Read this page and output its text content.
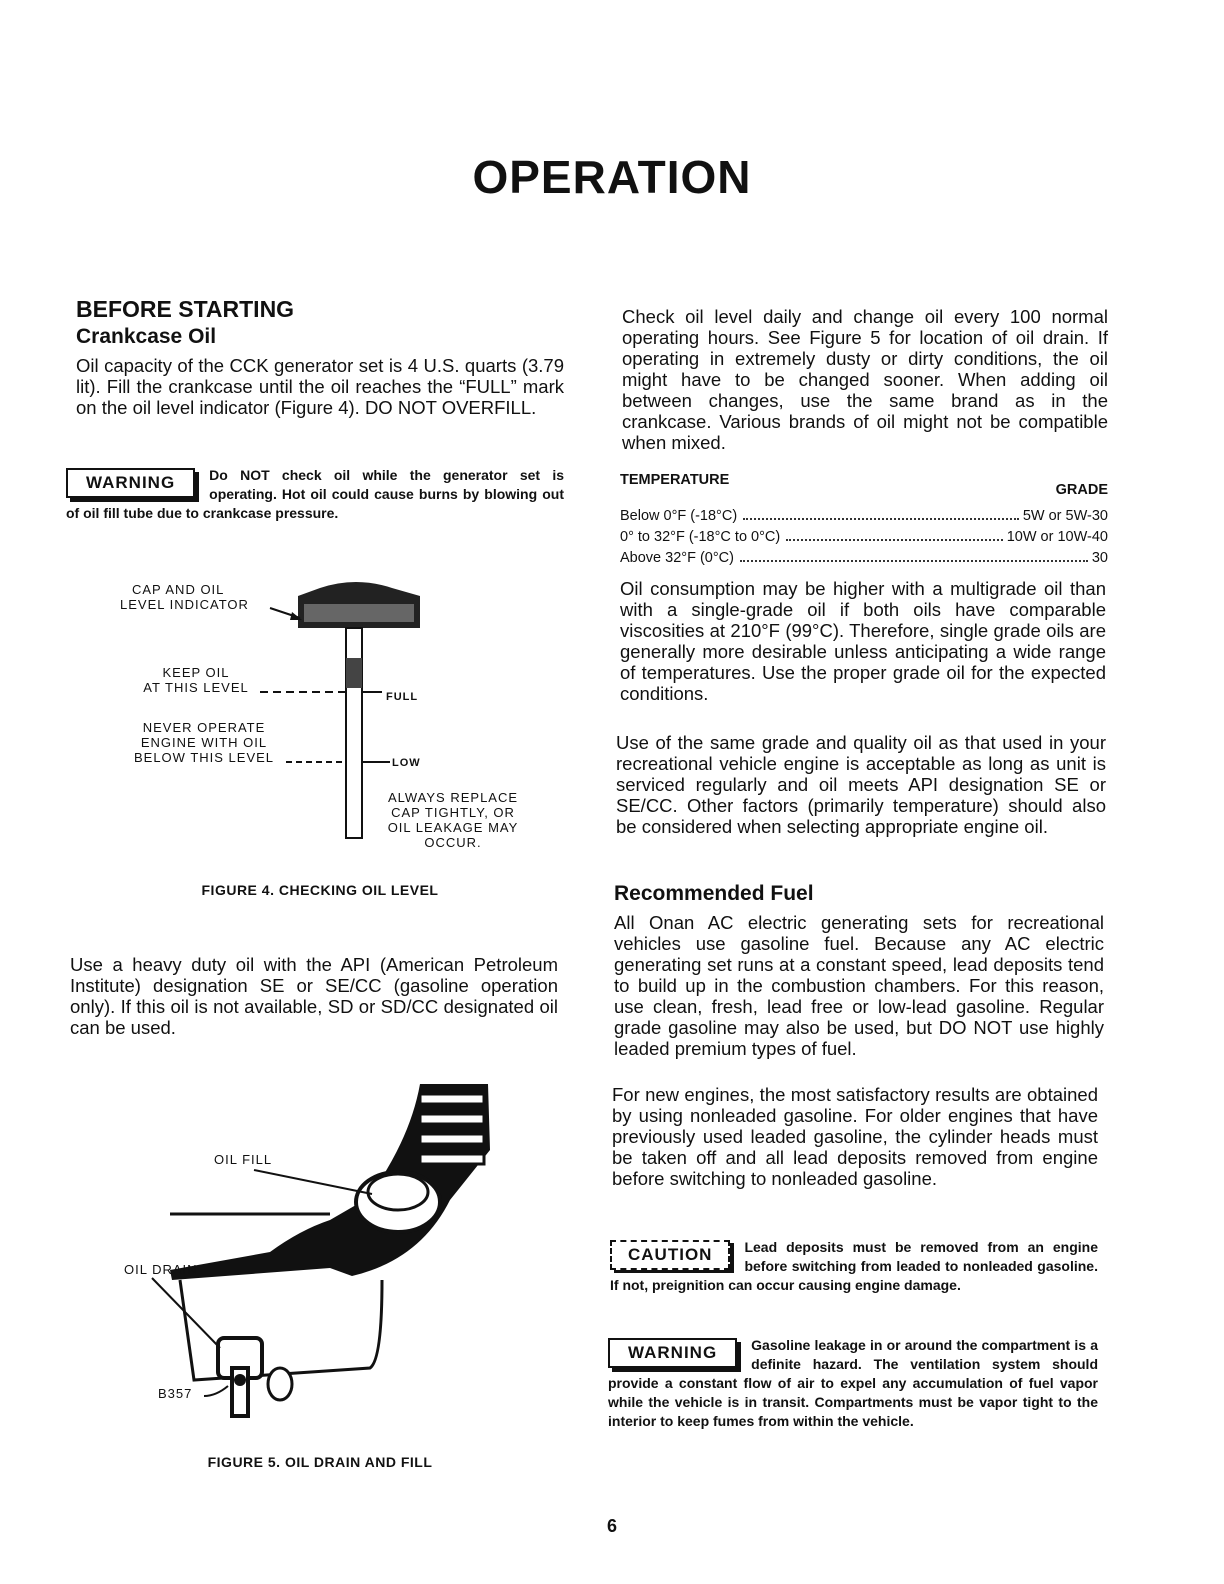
OPERATION
BEFORE STARTING
Crankcase Oil

Oil capacity of the CCK generator set is 4 U.S. quarts (3.79 lit). Fill the crankcase until the oil reaches the “FULL” mark on the oil level indicator (Figure 4). DO NOT OVERFILL.

WARNING	Do NOT check oil while the generator set is operating. Hot oil could cause burns by blowing out of oil fill tube due to crankcase pressure.

CAP AND OIL
LEVEL INDICATOR
KEEP OIL
AT THIS LEVEL
FULL
NEVER OPERATE
ENGINE WITH OIL
BELOW THIS LEVEL	LOW
ALWAYS REPLACE
CAP TIGHTLY, OR
OIL LEAKAGE MAY
OCCUR.
FIGURE 4. CHECKING OIL LEVEL

Use a heavy duty oil with the API (American Petroleum Institute) designation SE or SE/CC (gasoline operation only). If this oil is not available, SD or SD/CC designated oil can be used.

OIL FILL
OIL DRAIN
B357
FIGURE 5. OIL DRAIN AND FILL

Check oil level daily and change oil every 100 normal operating hours. See Figure 5 for location of oil drain. If operating in extremely dusty or dirty conditions, the oil might have to be changed sooner. When adding oil between changes, use the same brand as in the crankcase. Various brands of oil might not be compatible when mixed.

TEMPERATURE
GRADE
Below 0°F (-18°C)	5W or 5W-30
0° to 32°F (-18°C to 0°C)	10W or 10W-40
Above 32°F (0°C)	30

Oil consumption may be higher with a multigrade oil than with a single-grade oil if both oils have comparable viscosities at 210°F (99°C). Therefore, single grade oils are generally more desirable unless anticipating a wide range of temperatures. Use the proper grade oil for the expected conditions.

Use of the same grade and quality oil as that used in your recreational vehicle engine is acceptable as long as unit is serviced regularly and oil meets API designation SE or SE/CC. Other factors (primarily temperature) should also be considered when selecting appropriate engine oil.

Recommended Fuel

All Onan AC electric generating sets for recreational vehicles use gasoline fuel. Because any AC electric generating set runs at a constant speed, lead deposits tend to build up in the combustion chambers. For this reason, use clean, fresh, lead free or low-lead gasoline. Regular grade gasoline may also be used, but DO NOT use highly leaded premium types of fuel.

For new engines, the most satisfactory results are obtained by using nonleaded gasoline. For older engines that have previously used leaded gasoline, the cylinder heads must be taken off and all lead deposits removed from engine before switching to nonleaded gasoline.

CAUTION	Lead deposits must be removed from an engine before switching from leaded to nonleaded gasoline. If not, preignition can occur causing engine damage.

WARNING	Gasoline leakage in or around the compartment is a definite hazard. The ventilation system should provide a constant flow of air to expel any accumulation of fuel vapor while the vehicle is in transit. Compartments must be vapor tight to the interior to keep fumes from within the vehicle.

6
